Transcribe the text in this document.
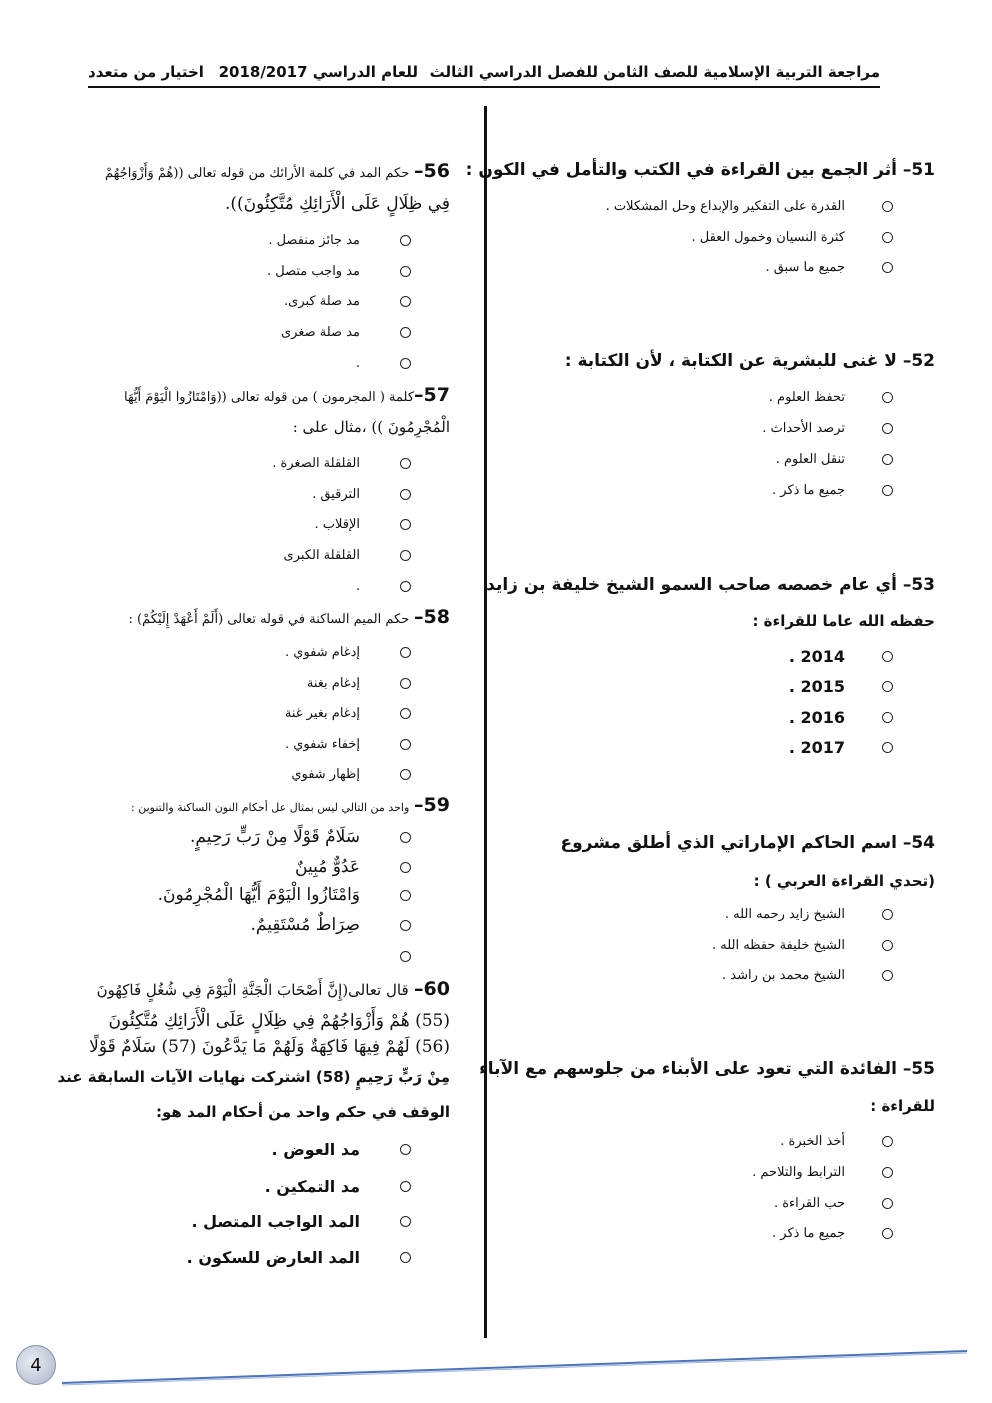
مراجعة التربية الإسلامية للصف الثامن للفصل الدراسي الثالث
للعام الدراسي 2018/2017
اختيار من متعدد
51– أثر الجمع بين القراءة في الكتب والتأمل في الكون :
القدرة على التفكير والإبداع وحل المشكلات .
كثرة النسيان وخمول العقل .
جميع ما سبق .
52– لا غنى للبشرية عن الكتابة ، لأن الكتابة :
تحفظ العلوم .
ترصد الأحداث .
تنقل العلوم .
جميع ما ذكر .
53– أي عام خصصه صاحب السمو الشيخ خليفة بن زايد
حفظه الله عاما للقراءة :
2014 .
2015 .
2016 .
2017 .
54– اسم الحاكم الإماراتي الذي أطلق مشروع
(تحدي القراءة العربي ) :
الشيخ زايد رحمه الله .
الشيخ خليفة حفظه الله .
الشيخ محمد بن راشد .
55– الفائدة التي تعود على الأبناء من جلوسهم مع الآباء
للقراءة :
أخذ الخبرة .
الترابط والتلاحم .
حب القراءة .
جميع ما ذكر .
56– حكم المد في كلمة الأرائك من قوله تعالى ((هُمْ وَأَزْوَاجُهُمْ
فِي ظِلَالٍ عَلَى الْأَرَائِكِ مُتَّكِئُونَ)).
مد جائز منفصل .
مد واجب متصل .
مد صلة كبرى.
مد صلة صغرى
.
57–كلمة ( المجرمون ) من قوله تعالى ((وَامْتَازُوا الْيَوْمَ أَيُّهَا
الْمُجْرِمُونَ )) ،مثال على :
القلقلة الصغرة .
الترقيق .
الإقلاب .
القلقلة الكبرى
.
58– حكم الميم الساكنة في قوله تعالى (أَلَمْ أَعْهَدْ إِلَيْكُمْ) :
إدغام شفوي .
إدغام بغنة
إدغام بغير غنة
إخفاء شفوي .
إظهار شفوي
59– واحد من التالي ليس بمثال عل أحكام النون الساكنة والتنوين :
سَلَامٌ قَوْلًا مِنْ رَبٍّ رَحِيمٍ.
عَدُوٌّ مُبِينٌ
وَامْتَازُوا الْيَوْمَ أَيُّهَا الْمُجْرِمُونَ.
صِرَاطٌ مُسْتَقِيمٌ.
60– قال تعالى(إِنَّ أَصْحَابَ الْجَنَّةِ الْيَوْمَ فِي شُغُلٍ فَاكِهُونَ
(55) هُمْ وَأَزْوَاجُهُمْ فِي ظِلَالٍ عَلَى الْأَرَائِكِ مُتَّكِئُونَ
(56) لَهُمْ فِيهَا فَاكِهَةٌ وَلَهُمْ مَا يَدَّعُونَ (57) سَلَامٌ قَوْلًا
مِنْ رَبٍّ رَحِيمٍ (58) اشتركت نهايات الآيات السابقة عند
الوقف في حكم واحد من أحكام المد هو:
مد العوض .
مد التمكين .
المد الواجب المتصل .
المد العارض للسكون .
4
